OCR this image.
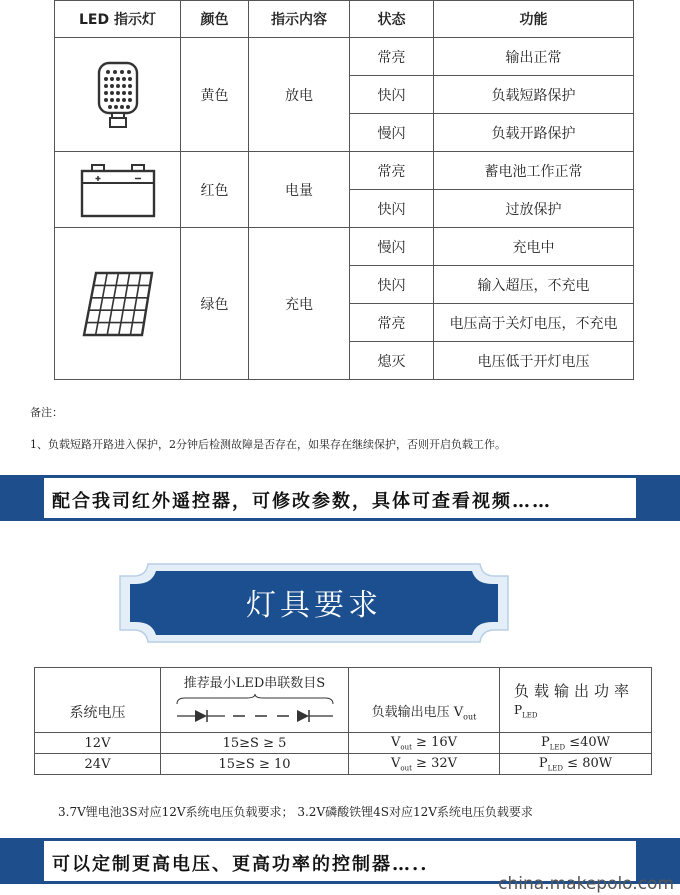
LED 指示灯	颜色	指示内容	状态	功能

	黄色	放电	常亮	输出正常
			快闪	负载短路保护
			慢闪	负载开路保护

	红色	电量	常亮	蓄电池工作正常
			快闪	过放保护

	绿色	充电	慢闪	充电中
			快闪	输入超压，不充电
			常亮	电压高于关灯电压，不充电
			熄灭	电压低于开灯电压
备注：
1、负载短路开路进入保护，2分钟后检测故障是否存在，如果存在继续保护，否则开启负载工作。
配合我司红外遥控器，可修改参数，具体可查看视频……
灯具要求
系统电压	推荐最小LED串联数目S	负载输出电压 $V_{out}$	负载输出功率
$P_{LED}$

12V	15≥S ≥ 5	$V_{out} \ge 16V$	$P_{LED} \le 40W$
24V	15≥S ≥ 10	$V_{out} \ge 32V$	$P_{LED} \le 80W$
3.7V锂电池3S对应12V系统电压负载要求； 3.2V磷酸铁锂4S对应12V系统电压负载要求
可以定制更高电压、更高功率的控制器…..
china.makepolo.com
